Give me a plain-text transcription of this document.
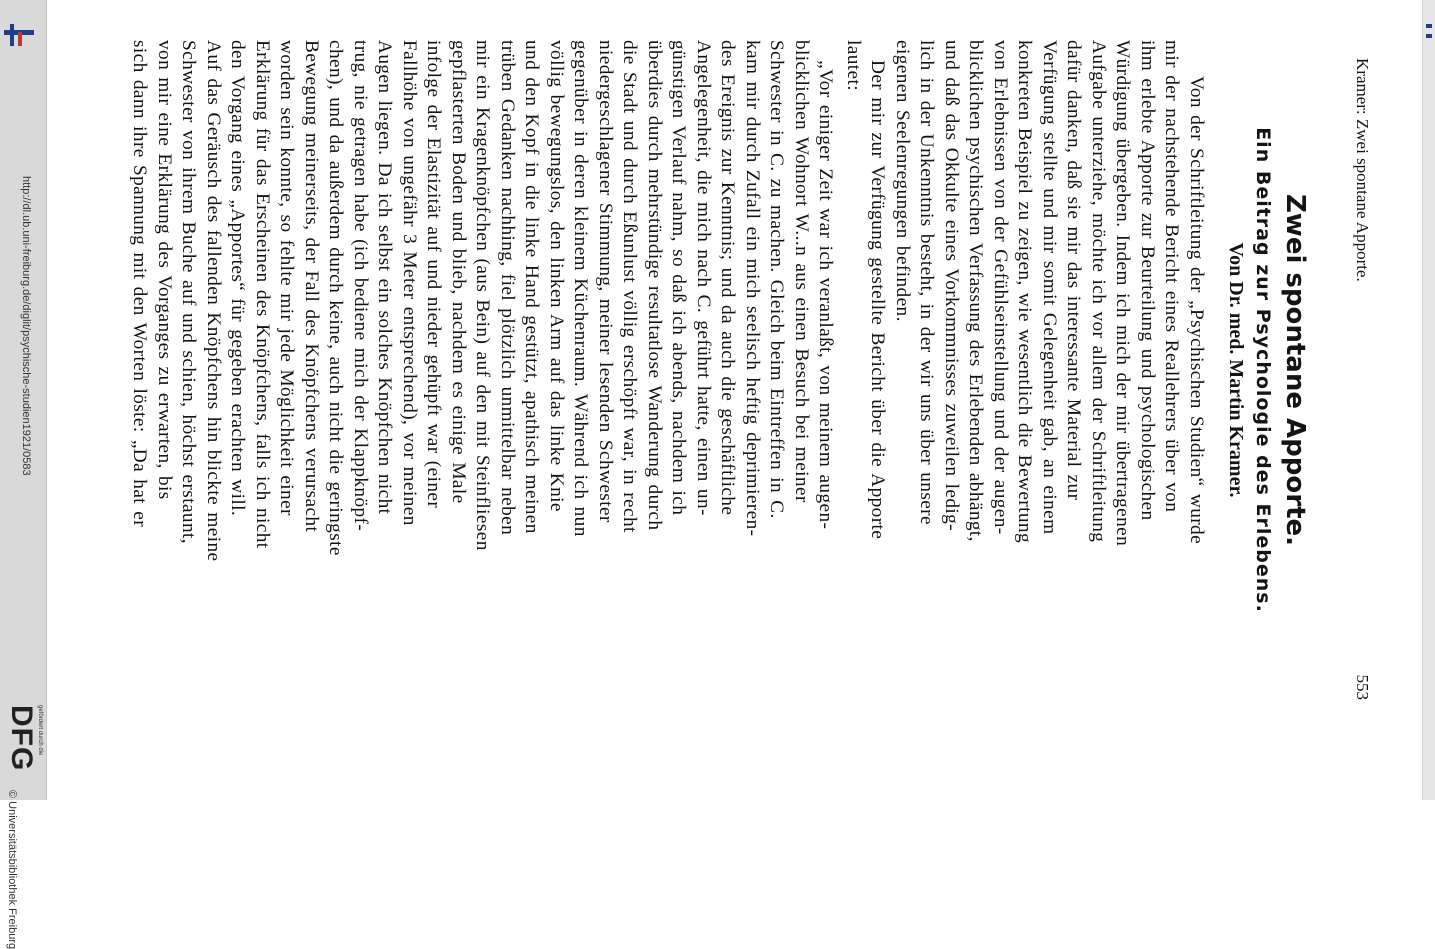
http://dl.ub.uni-freiburg.de/diglit/psychische-studien1921/0583
© Universitätsbibliothek Freiburg
gefördert durch die
DFG
Kramer: Zwei spontane Apporte.
553
Zwei spontane Apporte.
Ein Beitrag zur Psychologie des Erlebens.
Von Dr. med. Martin Kramer.
Von der Schriftleitung der „Psychischen Studien“ wurde
mir der nachstehende Bericht eines Reallehrers über von
ihm erlebte Apporte zur Beurteilung und psychologischen
Würdigung übergeben. Indem ich mich der mir übertragenen
Aufgabe unterziehe, möchte ich vor allem der Schriftleitung
dafür danken, daß sie mir das interessante Material zur
Verfügung stellte und mir somit Gelegenheit gab, an einem
konkreten Beispiel zu zeigen, wie wesentlich die Bewertung
von Erlebnissen von der Gefühlseinstellung und der augen-
blicklichen psychischen Verfassung des Erlebenden abhängt,
und daß das Okkulte eines Vorkommnisses zuweilen ledig-
lich in der Unkenntnis besteht, in der wir uns über unsere
eigenen Seelenregungen befinden.
Der mir zur Verfügung gestellte Bericht über die Apporte
lautet:
„Vor einiger Zeit war ich veranlaßt, von meinem augen-
blicklichen Wohnort W...n aus einen Besuch bei meiner
Schwester in C. zu machen. Gleich beim Eintreffen in C.
kam mir durch Zufall ein mich seelisch heftig deprimieren-
des Ereignis zur Kenntnis; und da auch die geschäftliche
Angelegenheit, die mich nach C. geführt hatte, einen un-
günstigen Verlauf nahm, so daß ich abends, nachdem ich
überdies durch mehrstündige resultatlose Wanderung durch
die Stadt und durch Eßunlust völlig erschöpft war, in recht
niedergeschlagener Stimmung, meiner lesenden Schwester
gegenüber in deren kleinem Küchenraum. Während ich nun
völlig bewegungslos, den linken Arm auf das linke Knie
und den Kopf in die linke Hand gestützt, apathisch meinen
trüben Gedanken nachhing, fiel plötzlich unmittelbar neben
mir ein Kragenknöpfchen (aus Bein) auf den mit Steinfliesen
gepflasterten Boden und blieb, nachdem es einige Male
infolge der Elastizität auf und nieder gehüpft war (einer
Fallhöhe von ungefähr 3 Meter entsprechend), vor meinen
Augen liegen. Da ich selbst ein solches Knöpfchen nicht
trug, nie getragen habe (ich bediene mich der Klappknöpf-
chen), und da außerdem durch keine, auch nicht die geringste
Bewegung meinerseits, der Fall des Knöpfchens verursacht
worden sein konnte, so fehlte mir jede Möglichkeit einer
Erklärung für das Erscheinen des Knöpfchens, falls ich nicht
den Vorgang eines „Apportes“ für gegeben erachten will.
Auf das Geräusch des fallenden Knöpfchens hin blickte meine
Schwester von ihrem Buche auf und schien, höchst erstaunt,
von mir eine Erklärung des Vorganges zu erwarten, bis
sich dann ihre Spannung mit den Worten löste: „Da hat er
